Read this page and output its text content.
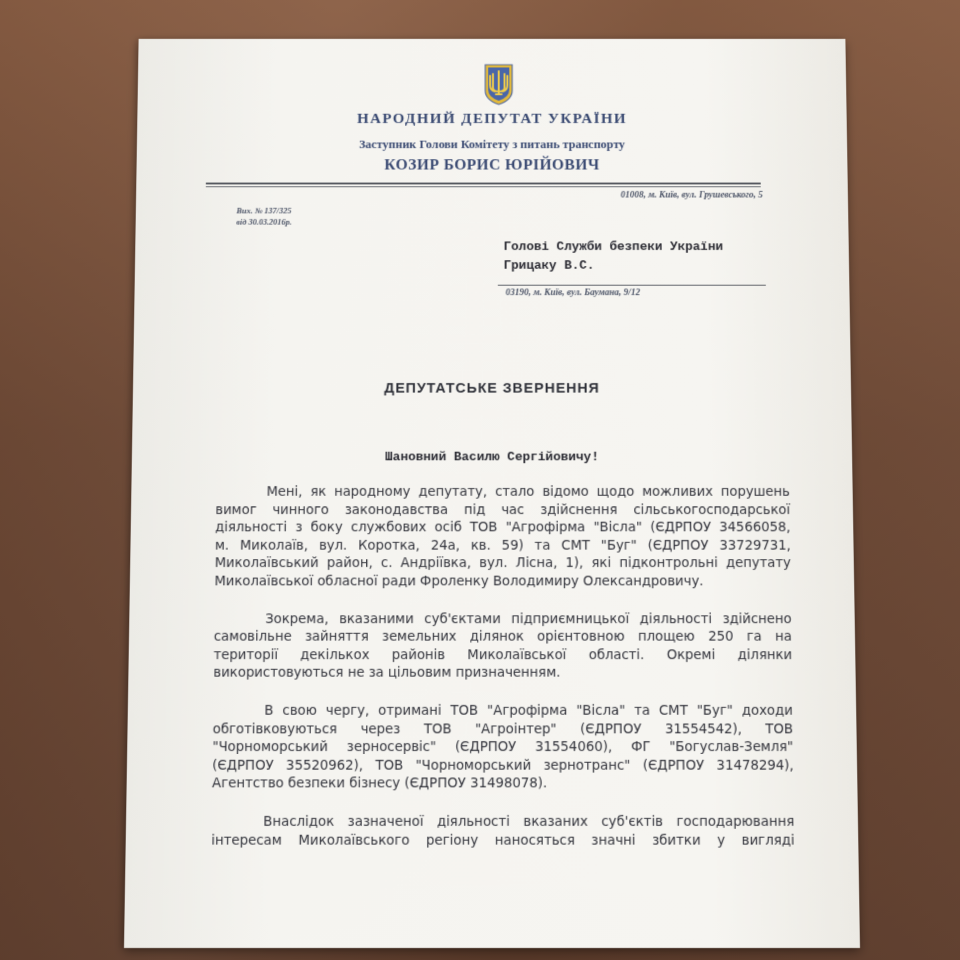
НАРОДНИЙ ДЕПУТАТ УКРАЇНИ
Заступник Голови Комітету з питань транспорту
КОЗИР БОРИС ЮРІЙОВИЧ
01008, м. Київ, вул. Грушевського, 5
Вих. № 137/325
від 30.03.2016р.
Голові Служби безпеки України
Грицаку В.С.
03190, м. Київ, вул. Баумана, 9/12
ДЕПУТАТСЬКЕ ЗВЕРНЕННЯ
Шановний Василю Сергійовичу!

Мені, як народному депутату, стало відомо щодо можливих порушень
вимог чинного законодавства під час здійснення сільськогосподарської
діяльності з боку службових осіб ТОВ "Агрофірма "Вісла" (ЄДРПОУ 34566058,
м. Миколаїв, вул. Коротка, 24а, кв. 59) та СМТ "Буг" (ЄДРПОУ 33729731,
Миколаївський район, с. Андріївка, вул. Лісна, 1), які підконтрольні депутату
Миколаївської обласної ради Фроленку Володимиру Олександровичу.

Зокрема, вказаними суб'єктами підприємницької діяльності здійснено
самовільне зайняття земельних ділянок орієнтовною площею 250 га на
території декількох районів Миколаївської області. Окремі ділянки
використовуються не за цільовим призначенням.

В свою чергу, отримані ТОВ "Агрофірма "Вісла" та СМТ "Буг" доходи
обготівковуються через ТОВ "Агроінтер" (ЄДРПОУ 31554542), ТОВ
"Чорноморський зерносервіс" (ЄДРПОУ 31554060), ФГ "Богуслав-Земля"
(ЄДРПОУ 35520962), ТОВ "Чорноморський зернотранс" (ЄДРПОУ 31478294),
Агентство безпеки бізнесу (ЄДРПОУ 31498078).

Внаслідок зазначеної діяльності вказаних суб'єктів господарювання
інтересам Миколаївського регіону наносяться значні збитки у вигляді
